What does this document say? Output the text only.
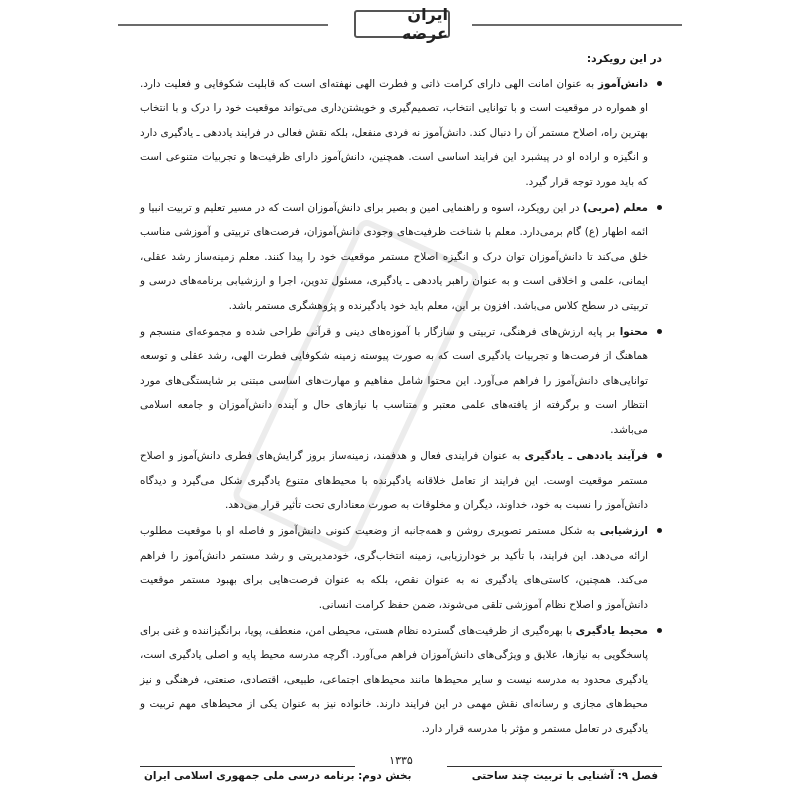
ایران عرضه

در این رویکرد:

دانش‌آموز به عنوان امانت الهی دارای کرامت ذاتی و فطرت الهی نهفته‌ای است که قابلیت شکوفایی و فعلیت دارد. او همواره در موقعیت است و با توانایی انتخاب، تصمیم‌گیری و خویشتن‌داری می‌تواند موقعیت خود را درک و با انتخاب بهترین راه، اصلاح مستمر آن را دنبال کند. دانش‌آموز نه فردی منفعل، بلکه نقش فعالی در فرایند یاددهی ـ یادگیری دارد و انگیزه و اراده او در پیشبرد این فرایند اساسی است. همچنین، دانش‌آموز دارای ظرفیت‌ها و تجربیات متنوعی است که باید مورد توجه قرار گیرد.
معلم (مربی) در این رویکرد، اسوه و راهنمایی امین و بصیر برای دانش‌آموزان است که در مسیر تعلیم و تربیت انبیا و ائمه اطهار (ع) گام برمی‌دارد. معلم با شناخت ظرفیت‌های وجودی دانش‌آموزان، فرصت‌های تربیتی و آموزشی مناسب خلق می‌کند تا دانش‌آموزان توان درک و انگیزه اصلاح مستمر موقعیت خود را پیدا کنند. معلم زمینه‌ساز رشد عقلی، ایمانی، علمی و اخلاقی است و به عنوان راهبر یاددهی ـ یادگیری، مسئول تدوین، اجرا و ارزشیابی برنامه‌های درسی و تربیتی در سطح کلاس می‌باشد. افزون بر این، معلم باید خود یادگیرنده و پژوهشگری مستمر باشد.
محتوا بر پایه ارزش‌های فرهنگی، تربیتی و سازگار با آموزه‌های دینی و قرآنی طراحی شده و مجموعه‌ای منسجم و هماهنگ از فرصت‌ها و تجربیات یادگیری است که به صورت پیوسته زمینه شکوفایی فطرت الهی، رشد عقلی و توسعه توانایی‌های دانش‌آموز را فراهم می‌آورد. این محتوا شامل مفاهیم و مهارت‌های اساسی مبتنی بر شایستگی‌های مورد انتظار است و برگرفته از یافته‌های علمی معتبر و متناسب با نیازهای حال و آینده دانش‌آموزان و جامعه اسلامی می‌باشد.
فرآیند یاددهی ـ یادگیری به عنوان فرایندی فعال و هدفمند، زمینه‌ساز بروز گرایش‌های فطری دانش‌آموز و اصلاح مستمر موقعیت اوست. این فرایند از تعامل خلاقانه یادگیرنده با محیط‌های متنوع یادگیری شکل می‌گیرد و دیدگاه دانش‌آموز را نسبت به خود، خداوند، دیگران و مخلوقات به صورت معناداری تحت تأثیر قرار می‌دهد.
ارزشیابی به شکل مستمر تصویری روشن و همه‌جانبه از وضعیت کنونی دانش‌آموز و فاصله او با موقعیت مطلوب ارائه می‌دهد. این فرایند، با تأکید بر خودارزیابی، زمینه انتخاب‌گری، خودمدیریتی و رشد مستمر دانش‌آموز را فراهم می‌کند. همچنین، کاستی‌های یادگیری نه به عنوان نقص، بلکه به عنوان فرصت‌هایی برای بهبود مستمر موقعیت دانش‌آموز و اصلاح نظام آموزشی تلقی می‌شوند، ضمن حفظ کرامت انسانی.
محیط یادگیری با بهره‌گیری از ظرفیت‌های گسترده نظام هستی، محیطی امن، منعطف، پویا، برانگیزاننده و غنی برای پاسخگویی به نیازها، علایق و ویژگی‌های دانش‌آموزان فراهم می‌آورد. اگرچه مدرسه محیط پایه و اصلی یادگیری است، یادگیری محدود به مدرسه نیست و سایر محیط‌ها مانند محیط‌های اجتماعی، طبیعی، اقتصادی، صنعتی، فرهنگی و نیز محیط‌های مجازی و رسانه‌ای نقش مهمی در این فرایند دارند. خانواده نیز به عنوان یکی از محیط‌های مهم تربیت و یادگیری در تعامل مستمر و مؤثر با مدرسه قرار دارد.
۱۳۳۵
فصل ۹: آشنایی با تربیت چند ساحتی
بخش دوم: برنامه درسی ملی جمهوری اسلامی ایران
